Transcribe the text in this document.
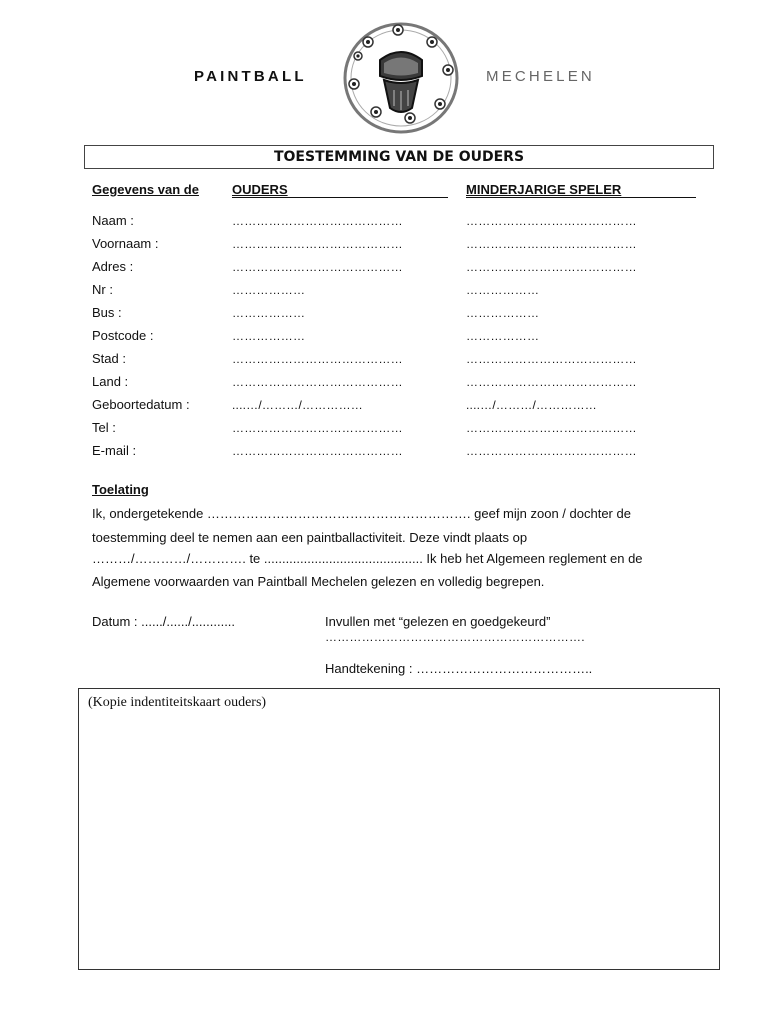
PAINTBALL	MECHELEN
TOESTEMMING VAN DE OUDERS
Gegevens van de	OUDERS	MINDERJARIGE SPELER
Naam :	……………………………………	……………………………………
Voornaam :	……………………………………	……………………………………
Adres :	……………………………………	……………………………………
Nr :	………………	………………
Bus :	………………	………………
Postcode :	………………	………………
Stad :	……………………………………	……………………………………
Land :	……………………………………	……………………………………
Geboortedatum :	....…/………/……………	....…/………/……………
Tel :	……………………………………	……………………………………
E-mail :	……………………………………	……………………………………
Toelating
Ik, ondergetekende ……………………………………………………. geef mijn zoon / dochter de
toestemming deel te nemen aan een paintballactiviteit. Deze vindt plaats op
………/…………/…………. te ............................................ Ik heb het Algemeen reglement en de
Algemene voorwaarden van Paintball Mechelen gelezen en volledig begrepen.
Datum : ....../....../............	Invullen met “gelezen en goedgekeurd”
……………………………………………………….
Handtekening : …………………………………..
(Kopie indentiteitskaart ouders)
